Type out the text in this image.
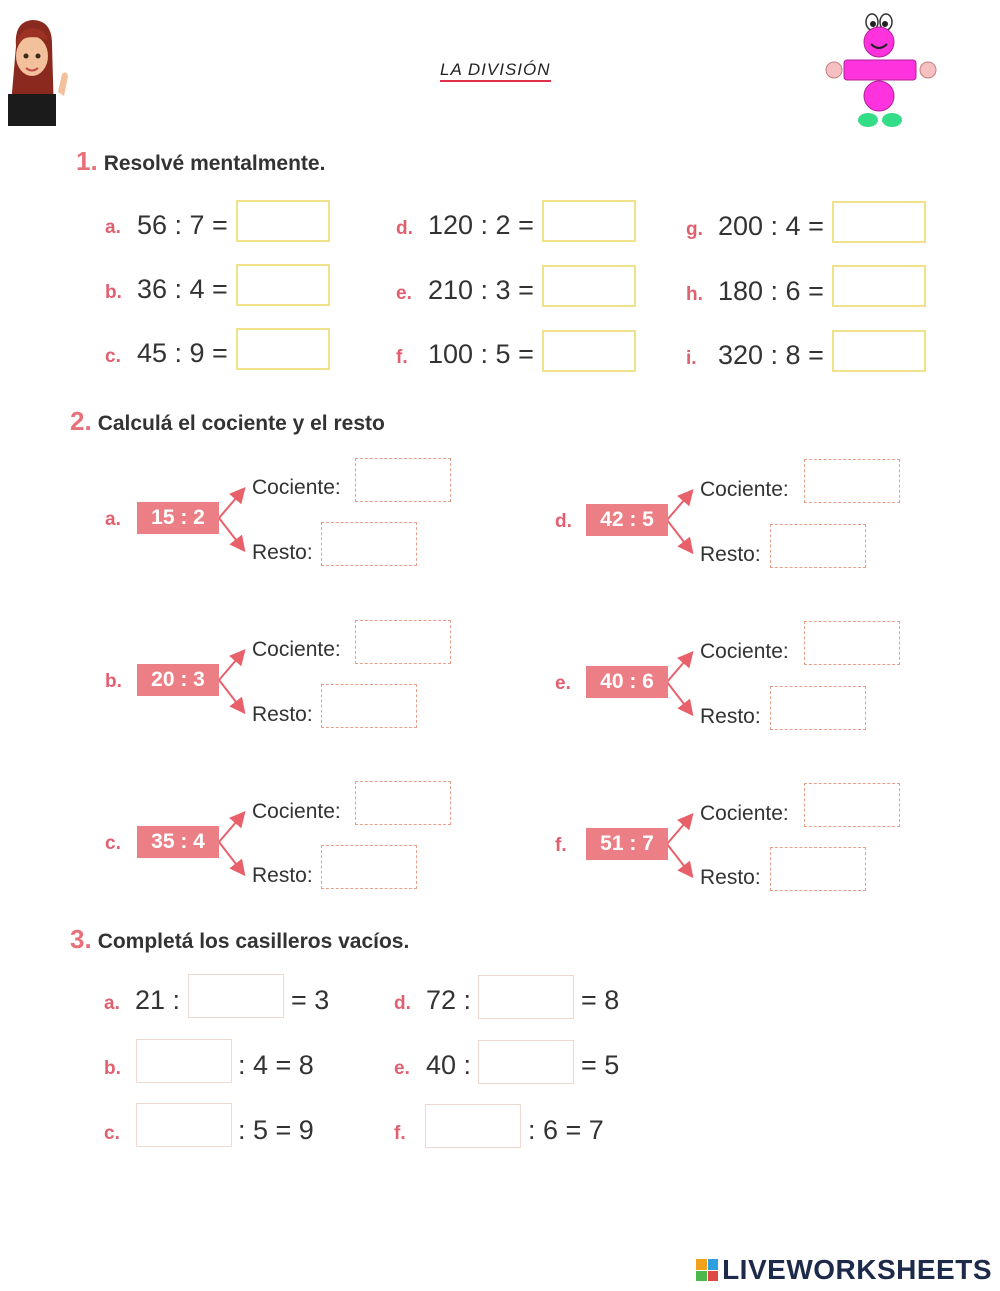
LA DIVISIÓN
1. Resolvé mentalmente.
a. 56 : 7 =
b. 36 : 4 =
c. 45 : 9 =
d. 120 : 2 =
e. 210 : 3 =
f. 100 : 5 =
g. 200 : 4 =
h. 180 : 6 =
i. 320 : 8 =
2. Calculá el cociente y el resto
a.	15 : 2
Cociente:
Resto:
b.	20 : 3
Cociente:
Resto:
c.	35 : 4
Cociente:
Resto:
d.	42 : 5
Cociente:
Resto:
e.	40 : 6
Cociente:
Resto:
f.	51 : 7
Cociente:
Resto:
3. Completá los casilleros vacíos.
a. 21 :	= 3
b.	: 4 = 8
c.	: 5 = 9
d. 72 :	= 8
e. 40 :	= 5
f.	: 6 = 7
LIVEWORKSHEETS
